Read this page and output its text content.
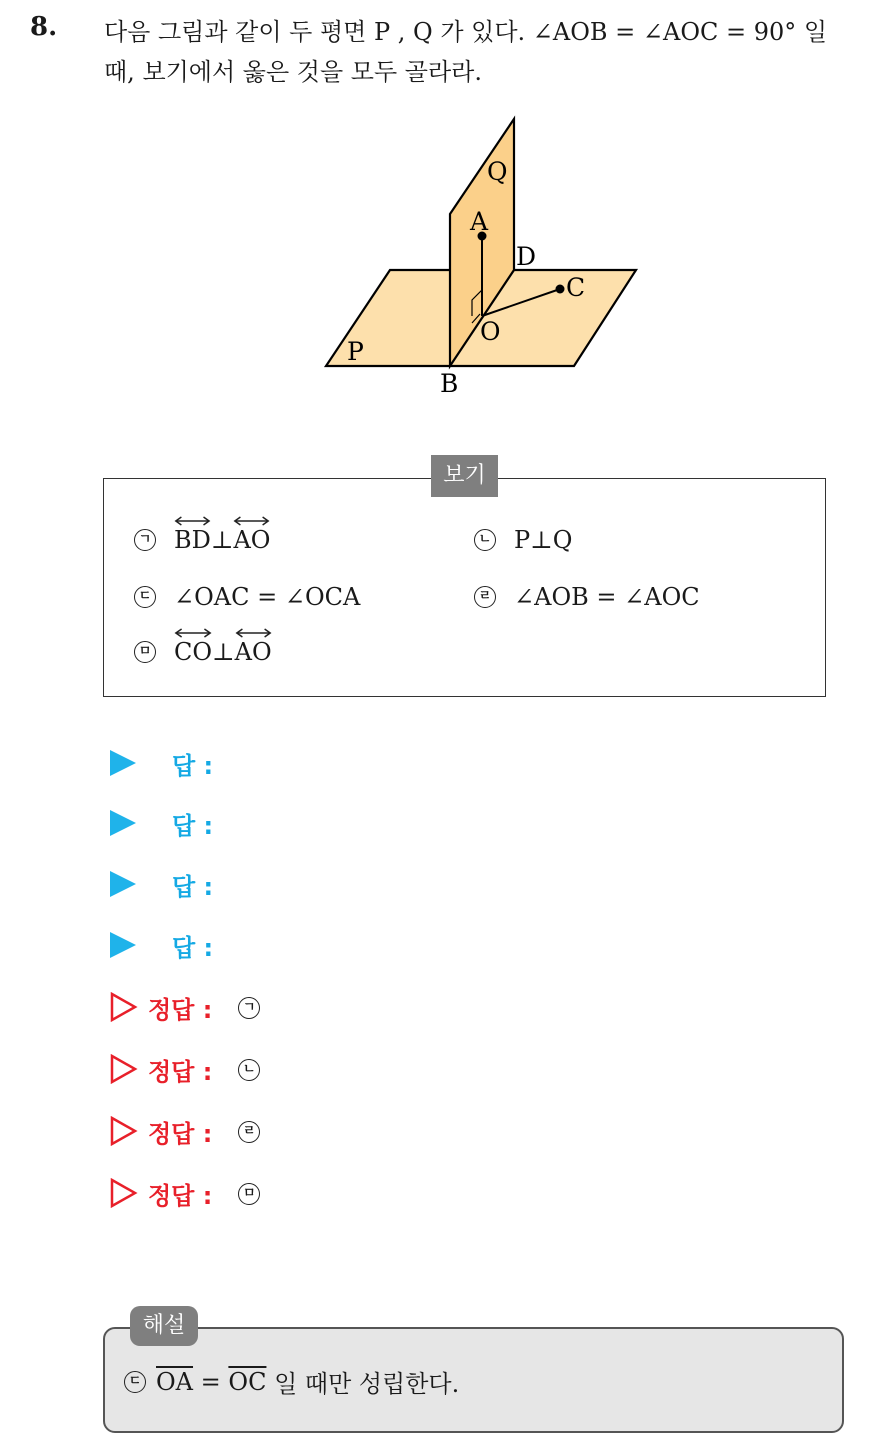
8. 다음 그림과 같이 두 평면 P , Q 가 있다. ∠AOB = ∠AOC = 90° 일
때, 보기에서 옳은 것을 모두 골라라.
Q
A
D
C
O
P
B
보기
ㄱ BD ⊥ AO	ㄴ P⊥Q
ㄷ ∠OAC = ∠OCA	ㄹ ∠AOB = ∠AOC
ㅁ CO ⊥ AO
답 :
답 :
답 :
답 :
정답 :	ㄱ
정답 :	ㄴ
정답 :	ㄹ
정답 :	ㅁ
해설
ㄷ $\overline{OA} = \overline{OC}$ 일 때만 성립한다.
